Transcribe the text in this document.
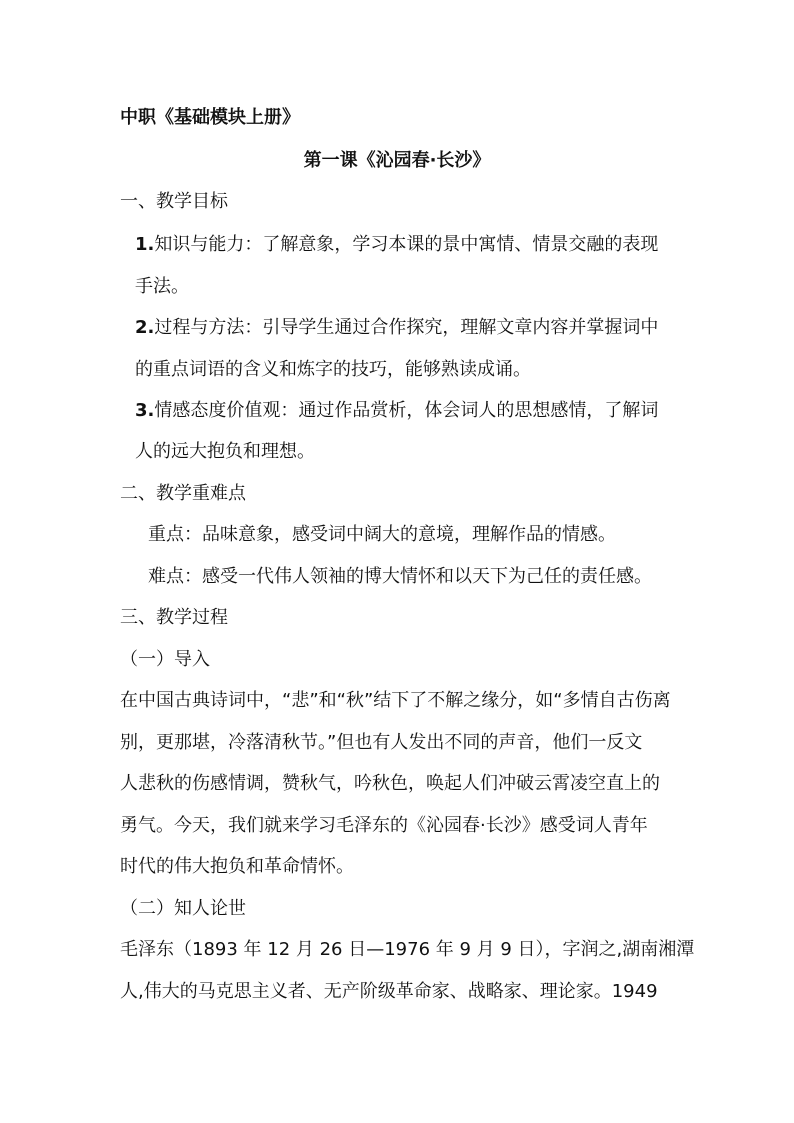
中职《基础模块上册》
第一课《沁园春·长沙》
一、教学目标
1.知识与能力：了解意象，学习本课的景中寓情、情景交融的表现
手法。
2.过程与方法：引导学生通过合作探究，理解文章内容并掌握词中
的重点词语的含义和炼字的技巧，能够熟读成诵。
3.情感态度价值观：通过作品赏析，体会词人的思想感情，了解词
人的远大抱负和理想。
二、教学重难点
重点：品味意象，感受词中阔大的意境，理解作品的情感。
难点：感受一代伟人领袖的博大情怀和以天下为己任的责任感。
三、教学过程
（一）导入
在中国古典诗词中，“悲”和“秋”结下了不解之缘分，如“多情自古伤离
别，更那堪，冷落清秋节。”但也有人发出不同的声音，他们一反文
人悲秋的伤感情调，赞秋气，吟秋色，唤起人们冲破云霄凌空直上的
勇气。今天，我们就来学习毛泽东的《沁园春·长沙》感受词人青年
时代的伟大抱负和革命情怀。
（二）知人论世
毛泽东（1893 年 12 月 26 日—1976 年 9 月 9 日），字润之,湖南湘潭
人,伟大的马克思主义者、无产阶级革命家、战略家、理论家。1949
